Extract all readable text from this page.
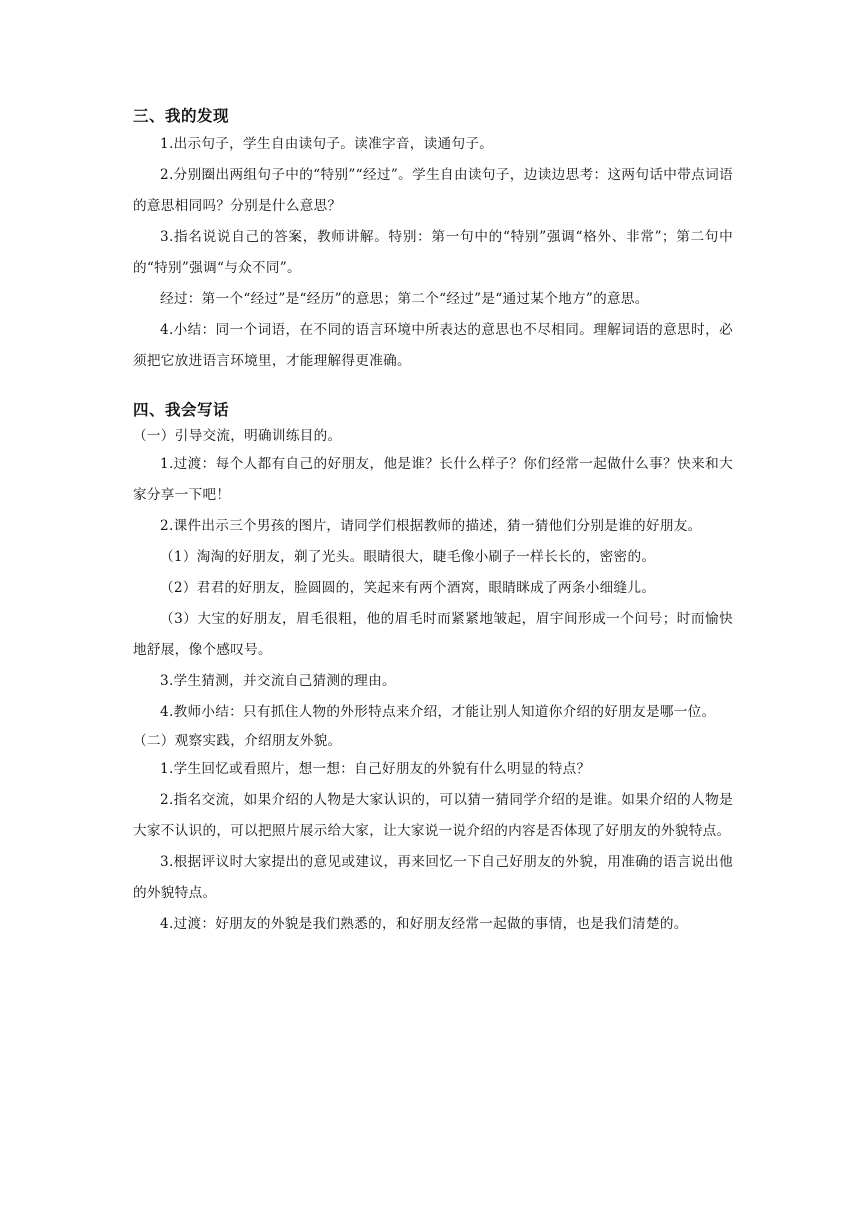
三、我的发现
1.出示句子，学生自由读句子。读准字音，读通句子。
2.分别圈出两组句子中的“特别”“经过”。学生自由读句子，边读边思考：这两句话中带点词语的意思相同吗？分别是什么意思？
3.指名说说自己的答案，教师讲解。特别：第一句中的“特别”强调“格外、非常”；第二句中的“特别”强调“与众不同”。
经过：第一个“经过”是“经历”的意思；第二个“经过”是“通过某个地方”的意思。
4.小结：同一个词语，在不同的语言环境中所表达的意思也不尽相同。理解词语的意思时，必须把它放进语言环境里，才能理解得更准确。
四、我会写话
（一）引导交流，明确训练目的。
1.过渡：每个人都有自己的好朋友，他是谁？长什么样子？你们经常一起做什么事？快来和大家分享一下吧！
2.课件出示三个男孩的图片，请同学们根据教师的描述，猜一猜他们分别是谁的好朋友。
（1）淘淘的好朋友，剃了光头。眼睛很大，睫毛像小刷子一样长长的，密密的。
（2）君君的好朋友，脸圆圆的，笑起来有两个酒窝，眼睛眯成了两条小细缝儿。
（3）大宝的好朋友，眉毛很粗，他的眉毛时而紧紧地皱起，眉宇间形成一个问号；时而愉快地舒展，像个感叹号。
3.学生猜测，并交流自己猜测的理由。
4.教师小结：只有抓住人物的外形特点来介绍，才能让别人知道你介绍的好朋友是哪一位。
（二）观察实践，介绍朋友外貌。
1.学生回忆或看照片，想一想：自己好朋友的外貌有什么明显的特点？
2.指名交流，如果介绍的人物是大家认识的，可以猜一猜同学介绍的是谁。如果介绍的人物是大家不认识的，可以把照片展示给大家，让大家说一说介绍的内容是否体现了好朋友的外貌特点。
3.根据评议时大家提出的意见或建议，再来回忆一下自己好朋友的外貌，用准确的语言说出他的外貌特点。
4.过渡：好朋友的外貌是我们熟悉的，和好朋友经常一起做的事情，也是我们清楚的。
